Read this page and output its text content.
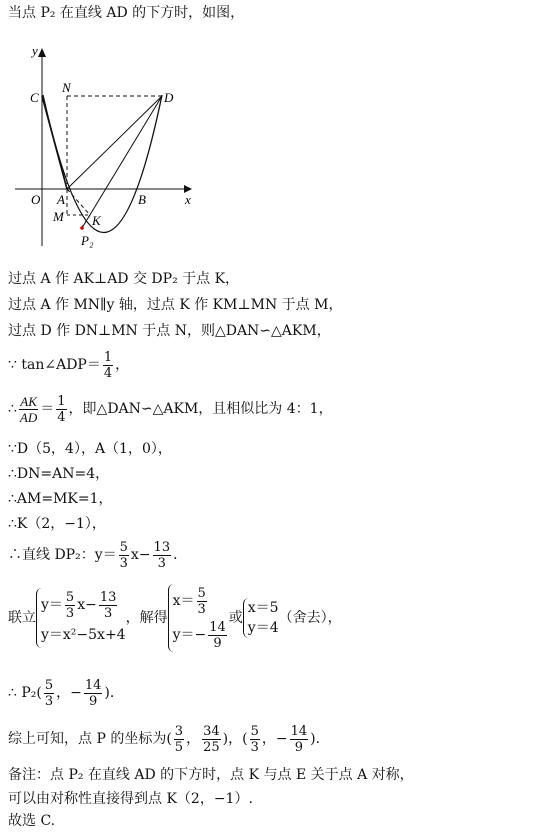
当点 P₂ 在直线 AD 的下方时，如图，
y
x
C
N
D
O A	B
M K
P₂
过点 A 作 AK⊥AD 交 DP₂ 于点 K，
过点 A 作 MN∥y 轴，过点 K 作 KM⊥MN 于点 M，
过点 D 作 DN⊥MN 于点 N，则△DAN∽△AKM，
∵ tan∠ADP＝ $\frac{1}{4}$ ，
∴ $\frac{AK}{AD} = \frac{1}{4}$ ，即△DAN∽△AKM，且相似比为 4：1，
∵D（5，4），A（1，0），
∴DN=AN=4，
∴AM=MK=1，
∴K（2，−1），
∴直线 DP₂：$y= \frac{5}{3} x- \frac{13}{3}$ ．
联立
$y= \frac{5}{3} x- \frac{13}{3}$
y＝x²−5x+4
，解得
$x= \frac{5}{3}$
$y=- \frac{14}{9}$
或
x＝5
y＝4
（舍去），
∴ $P_2( \frac{5}{3}$ ，− $\frac{14}{9}$ )．
综上可知，点 P 的坐标为( $\frac{3}{5}$ ， $\frac{34}{25}$ )，( $\frac{5}{3}$ ，− $\frac{14}{9}$ )．
备注：点 P₂ 在直线 AD 的下方时，点 K 与点 E 关于点 A 对称，
可以由对称性直接得到点 K（2，−1）.
故选 C.
